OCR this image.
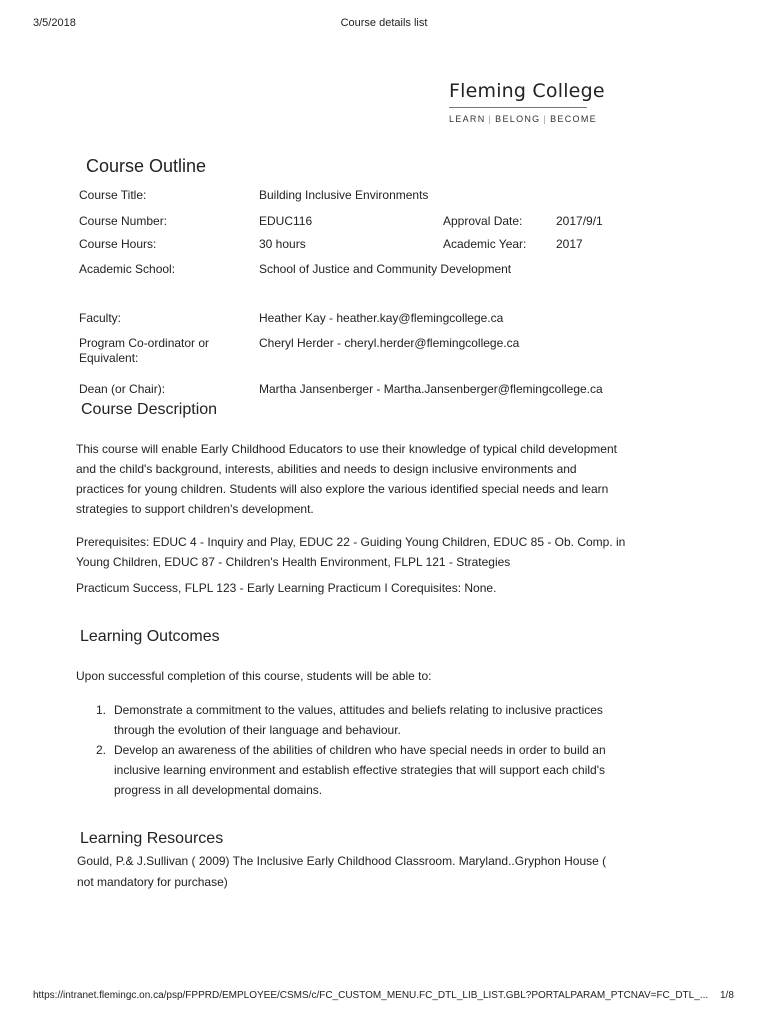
3/5/2018	Course details list
Fleming College
LEARN | BELONG | BECOME
Course Outline
Course Title:	Building Inclusive Environments
Course Number:	EDUC116	Approval Date:	2017/9/1
Course Hours:	30 hours	Academic Year: 2017
Academic School:	School of Justice and Community Development
Faculty:	Heather Kay - heather.kay@flemingcollege.ca
Program Co-ordinator or Equivalent:
Cheryl Herder - cheryl.herder@flemingcollege.ca
Dean (or Chair):	Martha Jansenberger - Martha.Jansenberger@flemingcollege.ca
Course Description
This course will enable Early Childhood Educators to use their knowledge of typical child development and the child's background, interests, abilities and needs to design inclusive environments and practices for young children. Students will also explore the various identified special needs and learn strategies to support children's development.
Prerequisites: EDUC 4 - Inquiry and Play, EDUC 22 - Guiding Young Children, EDUC 85 - Ob. Comp. in Young Children, EDUC 87 - Children's Health Environment, FLPL 121 - Strategies
Practicum Success, FLPL 123 - Early Learning Practicum I Corequisites: None.
Learning Outcomes
Upon successful completion of this course, students will be able to:
1. Demonstrate a commitment to the values, attitudes and beliefs relating to inclusive practices through the evolution of their language and behaviour.
2. Develop an awareness of the abilities of children who have special needs in order to build an inclusive learning environment and establish effective strategies that will support each child's progress in all developmental domains.
Learning Resources
Gould, P.& J.Sullivan ( 2009) The Inclusive Early Childhood Classroom. Maryland..Gryphon House ( not mandatory for purchase)
https://intranet.flemingc.on.ca/psp/FPPRD/EMPLOYEE/CSMS/c/FC_CUSTOM_MENU.FC_DTL_LIB_LIST.GBL?PORTALPARAM_PTCNAV=FC_DTL_... 1/8
